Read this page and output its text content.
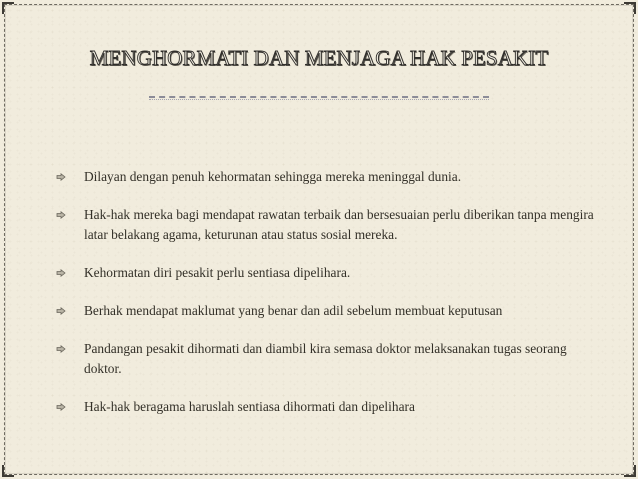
MENGHORMATI DAN MENJAGA HAK PESAKIT
Dilayan dengan penuh kehormatan sehingga mereka meninggal dunia.
Hak-hak mereka bagi mendapat rawatan terbaik dan bersesuaian perlu diberikan tanpa mengira latar belakang agama, keturunan atau status sosial mereka.
Kehormatan diri pesakit perlu sentiasa dipelihara.
Berhak mendapat maklumat yang benar dan adil sebelum membuat keputusan
Pandangan pesakit dihormati dan diambil kira semasa doktor melaksanakan tugas seorang doktor.
Hak-hak beragama haruslah sentiasa dihormati dan dipelihara
